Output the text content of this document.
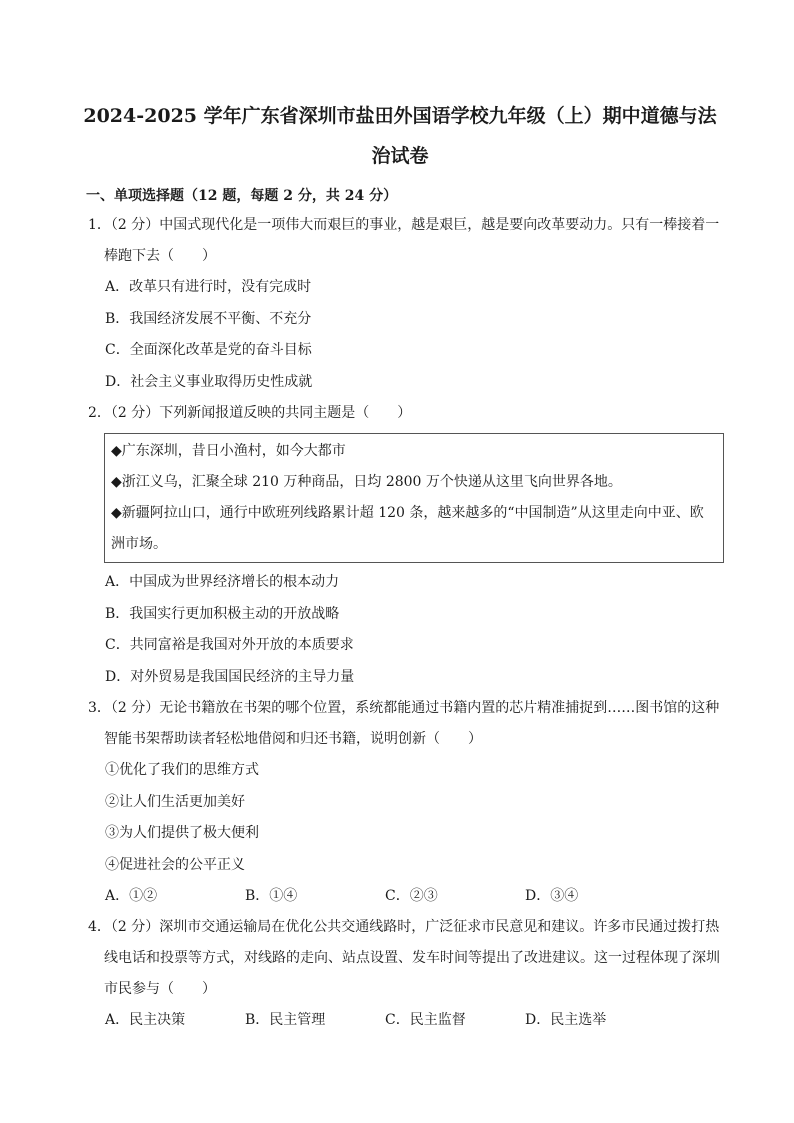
2024-2025 学年广东省深圳市盐田外国语学校九年级（上）期中道德与法
治试卷
一、单项选择题（12 题，每题 2 分，共 24 分）
1．（2 分）中国式现代化是一项伟大而艰巨的事业，越是艰巨，越是要向改革要动力。只有一棒接着一棒跑下去（　　）
A．改革只有进行时，没有完成时
B．我国经济发展不平衡、不充分
C．全面深化改革是党的奋斗目标
D．社会主义事业取得历史性成就
2．（2 分）下列新闻报道反映的共同主题是（　　）
◆广东深圳，昔日小渔村，如今大都市
◆浙江义乌，汇聚全球 210 万种商品，日均 2800 万个快递从这里飞向世界各地。
◆新疆阿拉山口，通行中欧班列线路累计超 120 条，越来越多的“中国制造”从这里走向中亚、欧洲市场。
A．中国成为世界经济增长的根本动力
B．我国实行更加积极主动的开放战略
C．共同富裕是我国对外开放的本质要求
D．对外贸易是我国国民经济的主导力量
3．（2 分）无论书籍放在书架的哪个位置，系统都能通过书籍内置的芯片精准捕捉到……图书馆的这种智能书架帮助读者轻松地借阅和归还书籍，说明创新（　　）
①优化了我们的思维方式
②让人们生活更加美好
③为人们提供了极大便利
④促进社会的公平正义
A．①②	B．①④	C．②③	D．③④
4．（2 分）深圳市交通运输局在优化公共交通线路时，广泛征求市民意见和建议。许多市民通过拨打热线电话和投票等方式，对线路的走向、站点设置、发车时间等提出了改进建议。这一过程体现了深圳市民参与（　　）
A．民主决策	B．民主管理	C．民主监督	D．民主选举
